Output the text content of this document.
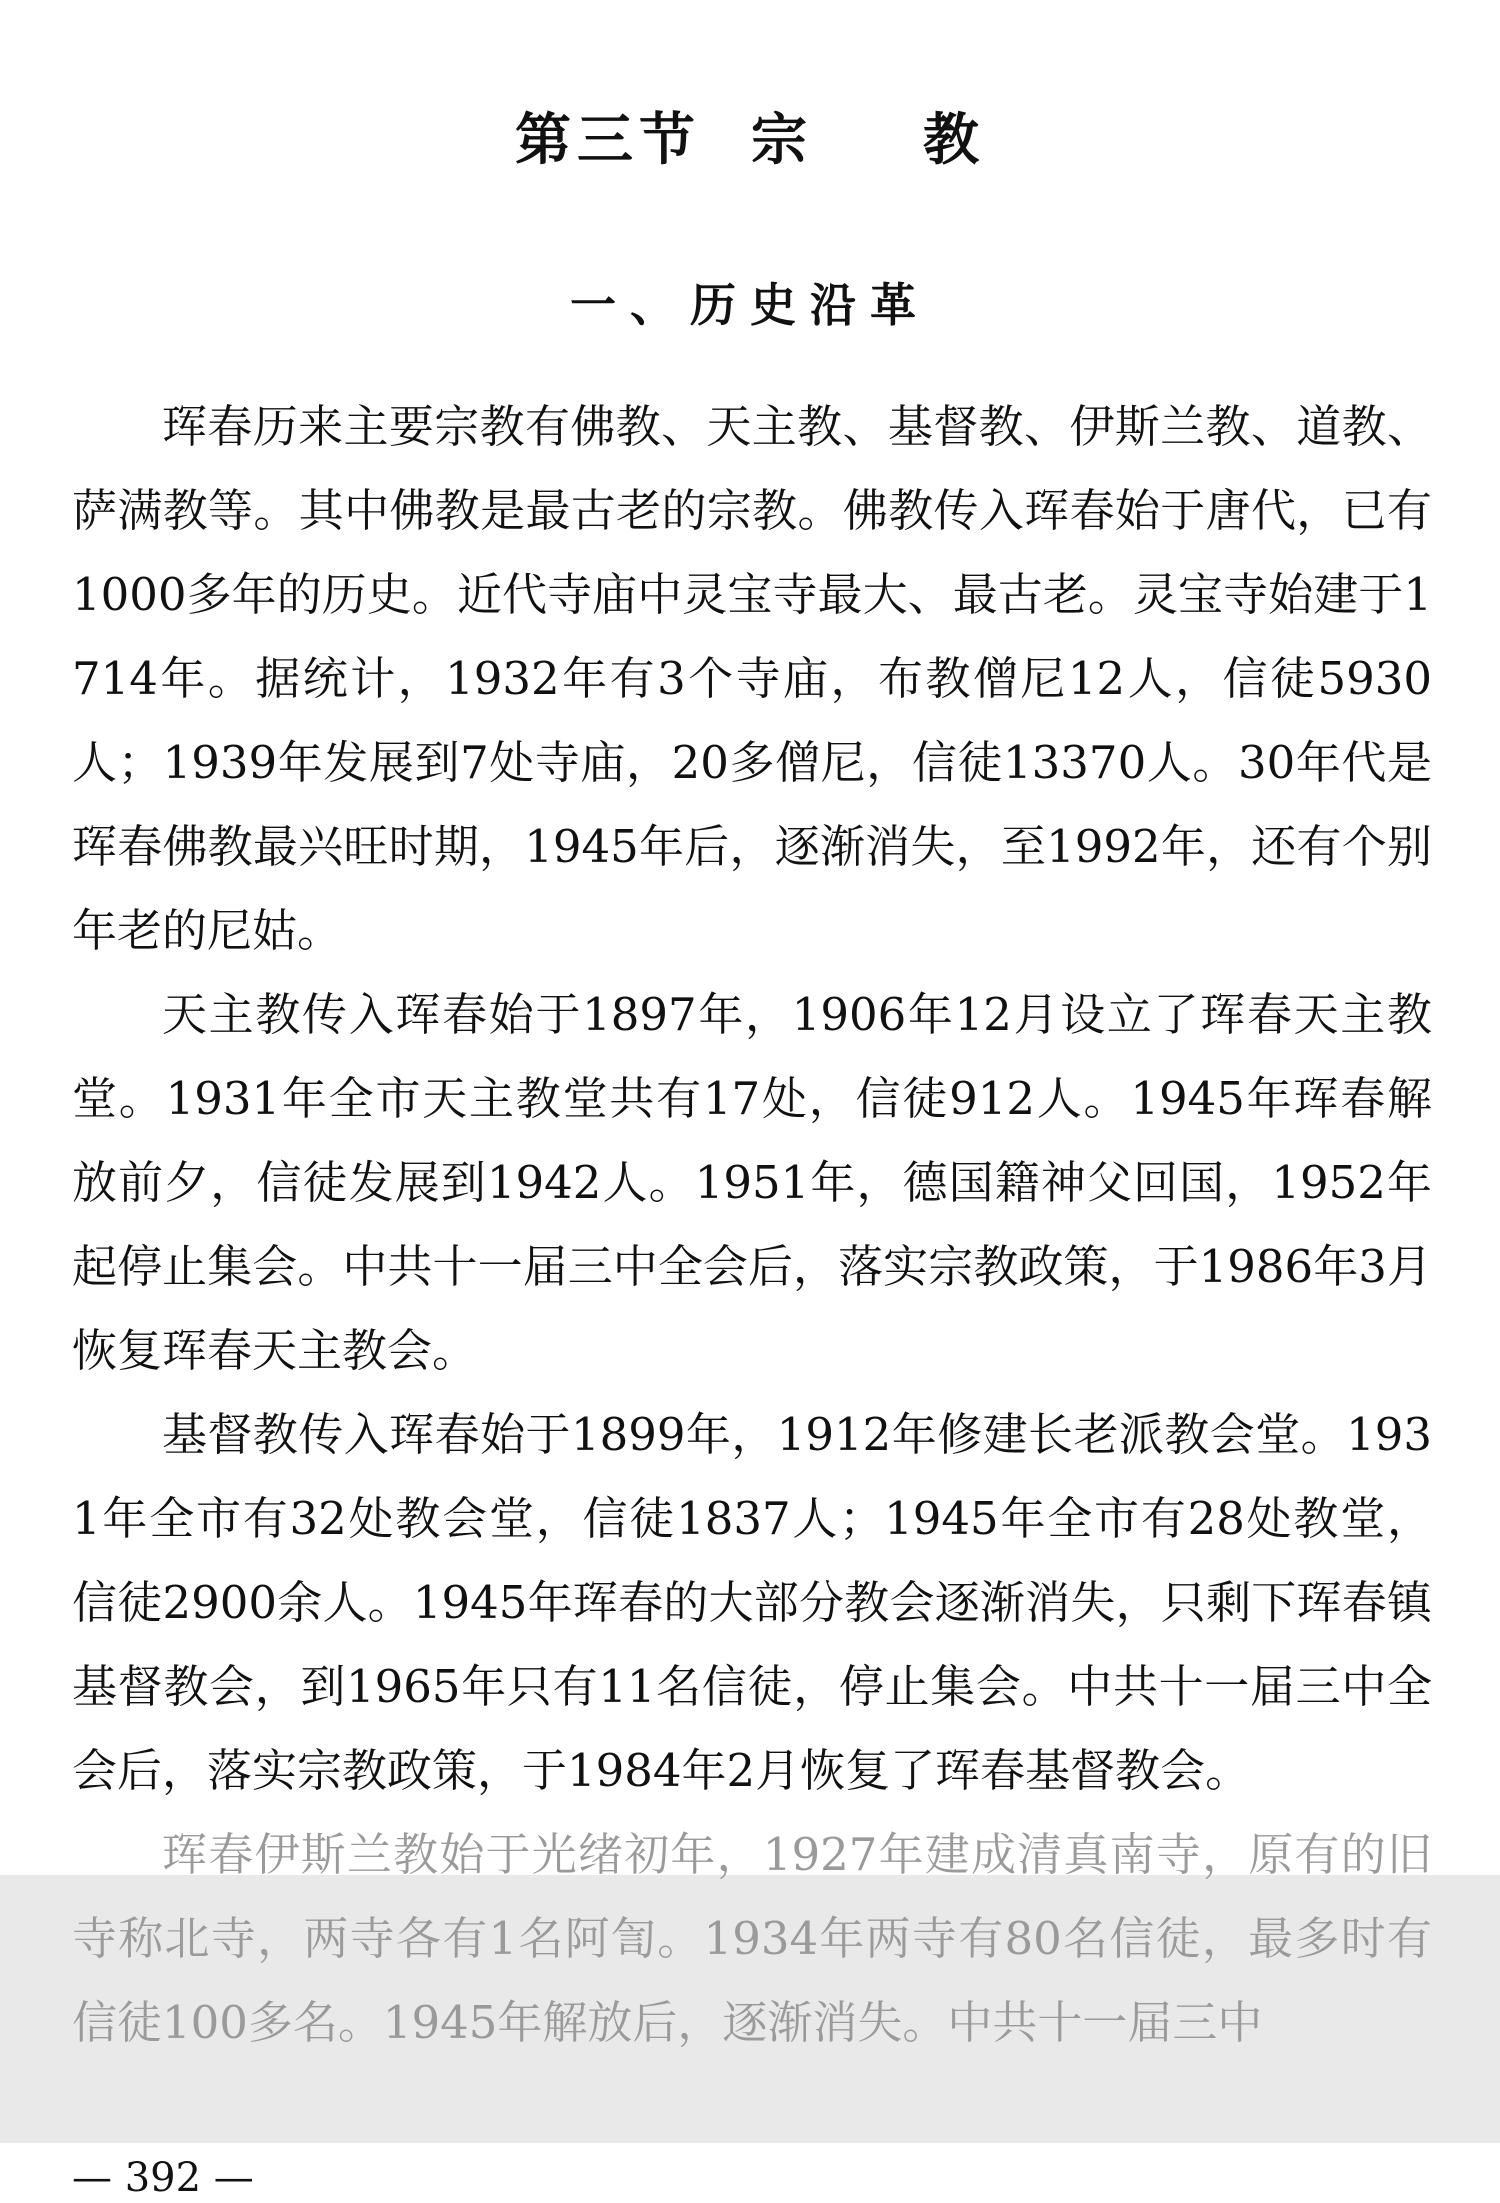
第三节 宗 教
一、历史沿革

珲春历来主要宗教有佛教、天主教、基督教、伊斯兰教、道教、萨满教等。其中佛教是最古老的宗教。佛教传入珲春始于唐代，已有1000多年的历史。近代寺庙中灵宝寺最大、最古老。灵宝寺始建于1714年。据统计，1932年有3个寺庙，布教僧尼12人，信徒5930人；1939年发展到7处寺庙，20多僧尼，信徒13370人。30年代是珲春佛教最兴旺时期，1945年后，逐渐消失，至1992年，还有个别年老的尼姑。

天主教传入珲春始于1897年，1906年12月设立了珲春天主教堂。1931年全市天主教堂共有17处，信徒912人。1945年珲春解放前夕，信徒发展到1942人。1951年，德国籍神父回国，1952年起停止集会。中共十一届三中全会后，落实宗教政策，于1986年3月恢复珲春天主教会。

基督教传入珲春始于1899年，1912年修建长老派教会堂。1931年全市有32处教会堂，信徒1837人；1945年全市有28处教堂，信徒2900余人。1945年珲春的大部分教会逐渐消失，只剩下珲春镇基督教会，到1965年只有11名信徒，停止集会。中共十一届三中全会后，落实宗教政策，于1984年2月恢复了珲春基督教会。

珲春伊斯兰教始于光绪初年，1927年建成清真南寺，原有的旧寺称北寺，两寺各有1名阿訇。1934年两寺有80名信徒，最多时有信徒100多名。1945年解放后，逐渐消失。中共十一届三中

— 392 —
